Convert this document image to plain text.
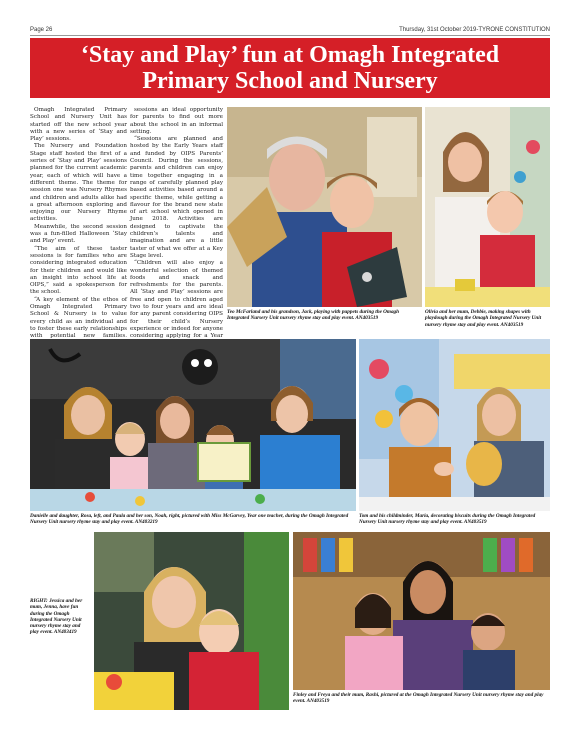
Page 26	Thursday, 31st October 2019-TYRONE CONSTITUTION
‘Stay and Play’ fun at Omagh Integrated Primary School and Nursery

Omagh Integrated Primary School and Nursery Unit has started off the new school year with a new series of ‘Stay and Play’ sessions.

The Nursery and Foundation Stage staff hosted the first of a series of ‘Stay and Play’ sessions planned for the current academic year, each of which will have a different theme. The theme for session one was Nursery Rhymes and children and adults alike had a great afternoon exploring and enjoying our Nursery Rhyme activities.

Meanwhile, the second session was a fun-filled Halloween ‘Stay and Play’ event.

“The aim of these taster sessions is for families who are considering integrated education for their children and would like an insight into school life at OIPS,” said a spokesperson for the school.

“A key element of the ethos of Omagh Integrated Primary School & Nursery is to value every child as an individual and to foster these early relationships with potential new families.

sessions an ideal opportunity for parents to find out more about the school in an informal setting.

“Sessions are planned and hosted by the Early Years staff and funded by OIPS Parents’ Council. During the sessions, parents and children can enjoy time together engaging in a range of carefully planned play based activities based around a specific theme, while getting a flavour for the brand new state of art school which opened in June 2018. Activities are designed to captivate the children’s talents and imagination and are a little taster of what we offer at a Key Stage level.

“Children will also enjoy a wonderful selection of themed foods and snack and refreshments for the parents. All ‘Stay and Play’ sessions are free and open to children aged two to four years and are ideal for any parent considering OIPS for their child’s Nursery experience or indeed for anyone considering applying for a Year

Teo McFarland and his grandson, Jack, playing with puppets during the Omagh Integrated Nursery Unit nursery rhyme stay and play event. AN403519
Olivia and her mum, Debbie, making shapes with playdough during the Omagh Integrated Nursery Unit nursery rhyme stay and play event. AN403519
Danielle and daughter, Rosa, left, and Paula and her son, Noah, right, pictured with Miss McGarvey, Year one teacher, during the Omagh Integrated Nursery Unit nursery rhyme stay and play event. AN403219
Tom and his childminder, Maria, decorating biscuits during the Omagh Integrated Nursery Unit nursery rhyme stay and play event. AN403519
RIGHT: Jessica and her mum, Jenna, have fun during the Omagh Integrated Nursery Unit nursery rhyme stay and play event. AN403419
Finley and Freya and their mum, Rashi, pictured at the Omagh Integrated Nursery Unit nursery rhyme stay and play event. AN403519
